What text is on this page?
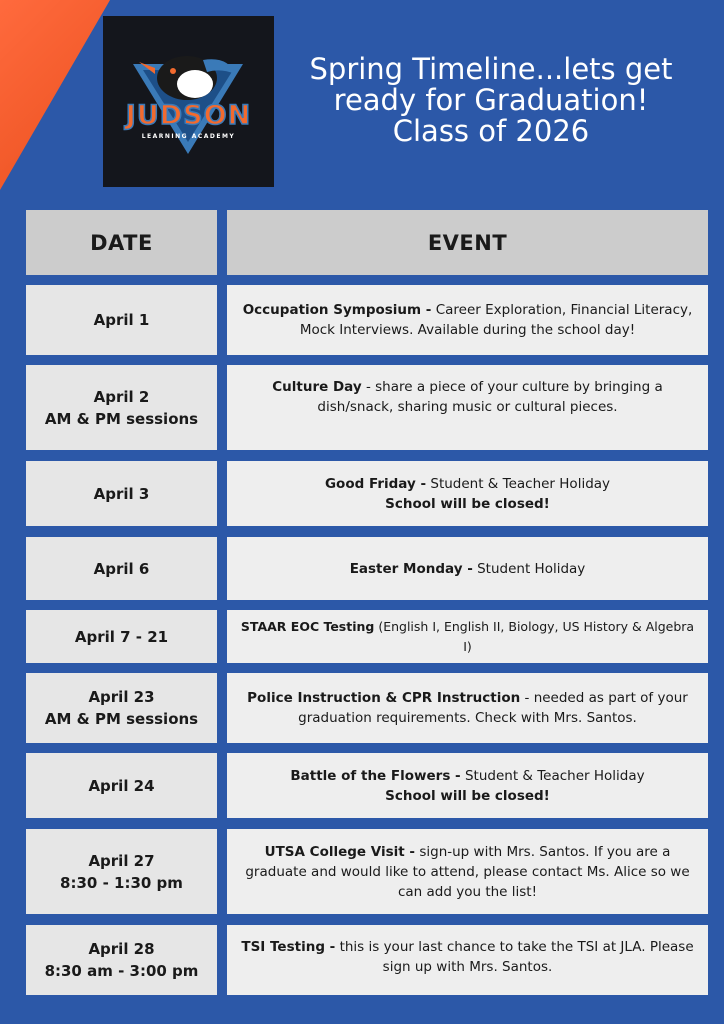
JUDSON
LEARNING ACADEMY
Spring Timeline...lets get
ready for Graduation!
Class of 2026
DATE	EVENT
April 1
Occupation Symposium - Career Exploration, Financial Literacy, Mock Interviews. Available during the school day!
April 2
AM & PM sessions
Culture Day - share a piece of your culture by bringing a dish/snack, sharing music or cultural pieces.
April 3
Good Friday - Student & Teacher Holiday
School will be closed!
April 6	Easter Monday - Student Holiday
April 7 - 21
STAAR EOC Testing (English I, English II, Biology, US History & Algebra I)
April 23
AM & PM sessions
Police Instruction & CPR Instruction - needed as part of your graduation requirements. Check with Mrs. Santos.
April 24
Battle of the Flowers - Student & Teacher Holiday
School will be closed!
April 27
8:30 - 1:30 pm
UTSA College Visit - sign-up with Mrs. Santos. If you are a graduate and would like to attend, please contact Ms. Alice so we can add you the list!
April 28
8:30 am - 3:00 pm
TSI Testing - this is your last chance to take the TSI at JLA. Please sign up with Mrs. Santos.
